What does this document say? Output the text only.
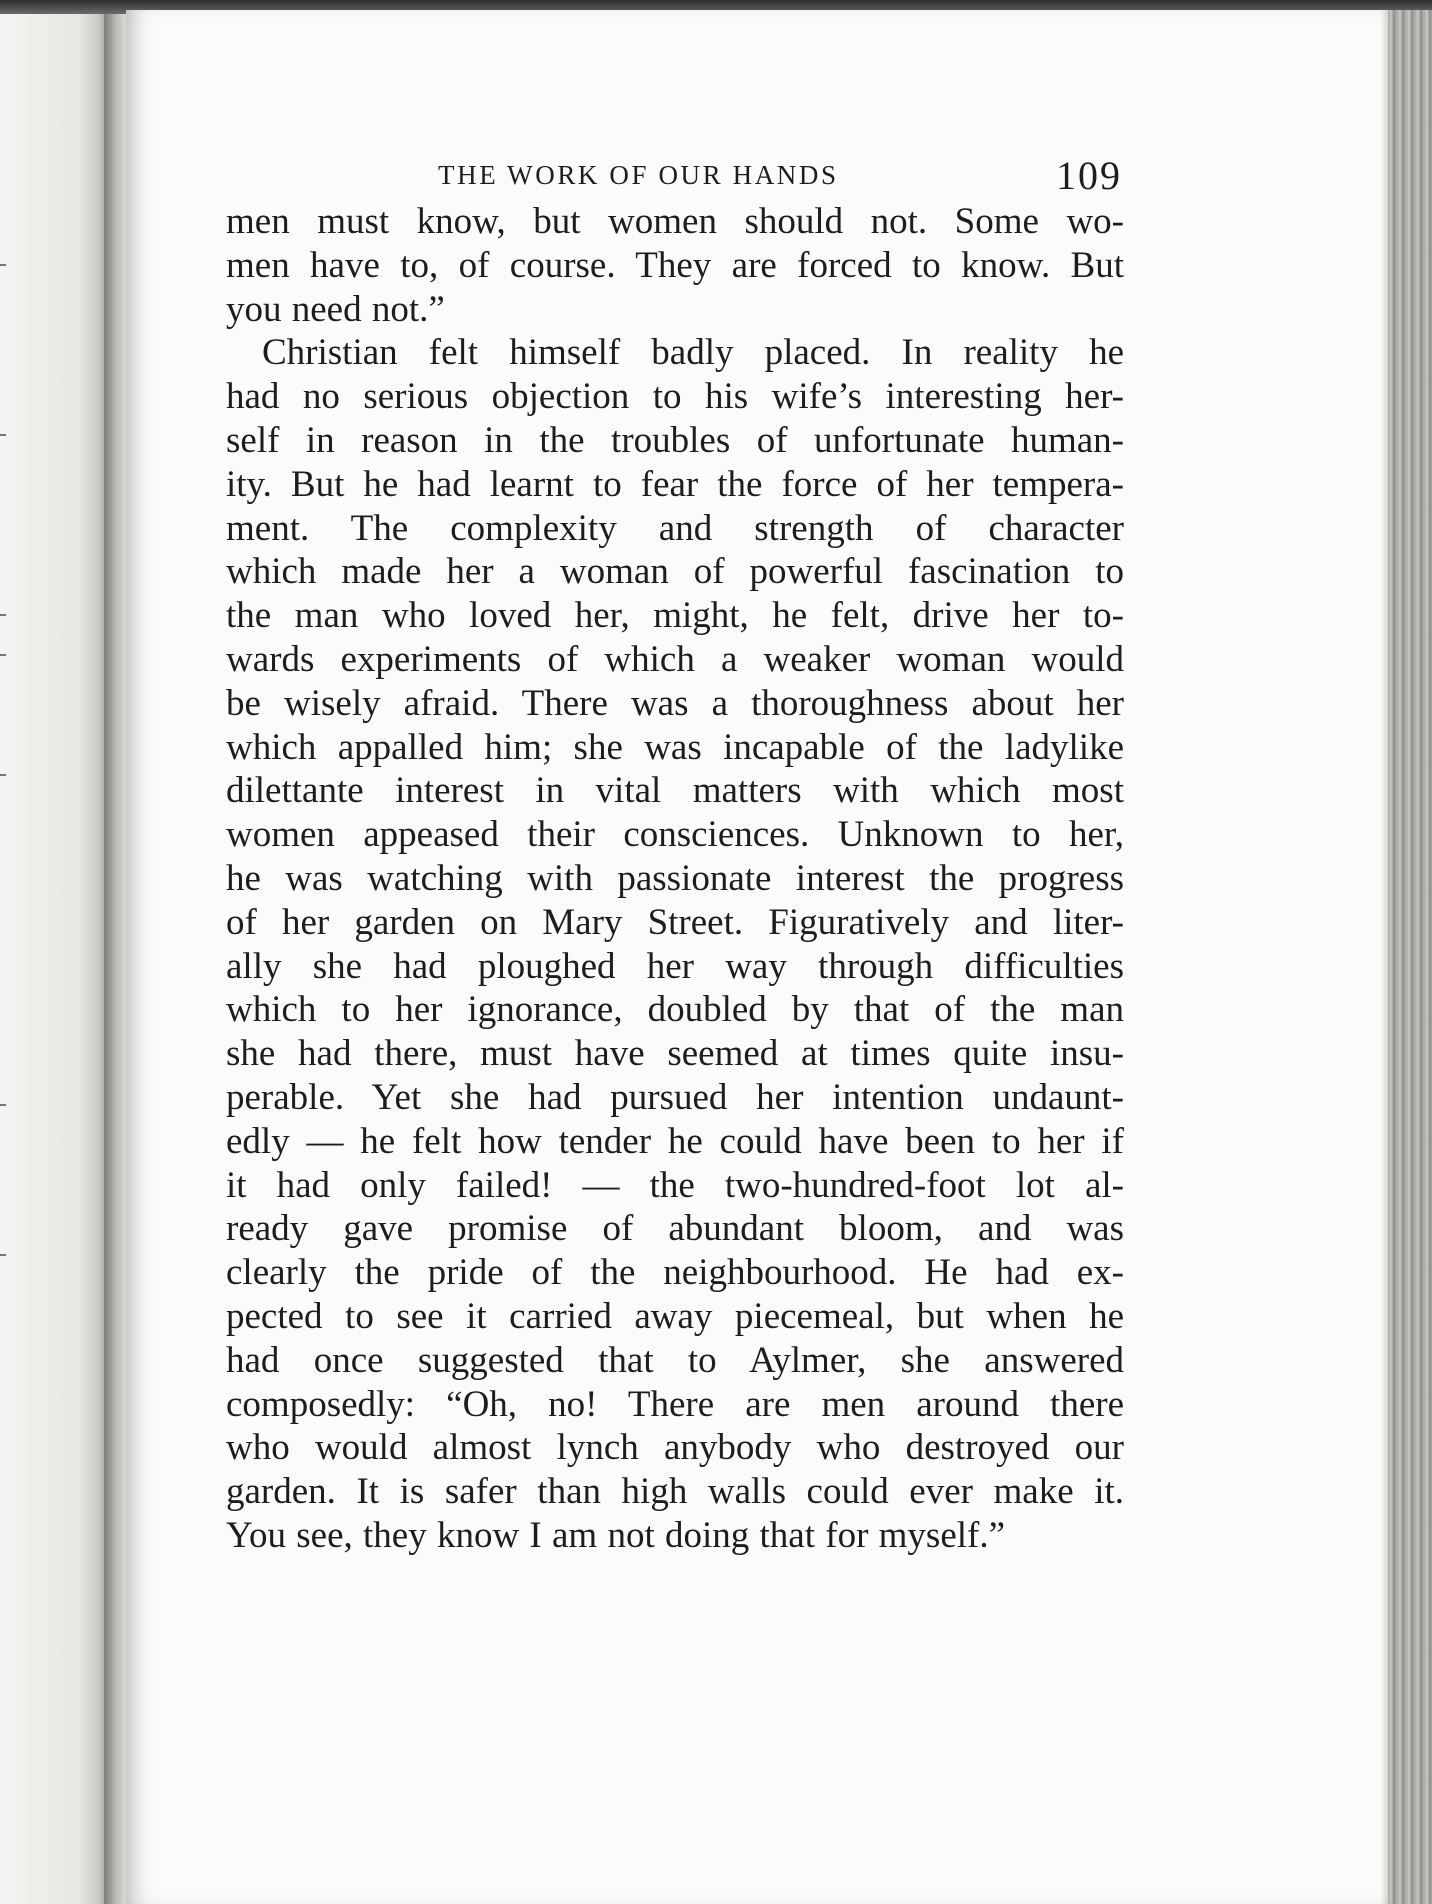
THE WORK OF OUR HANDS	109

men must know, but women should not. Some wo-
men have to, of course. They are forced to know. But
you need not.”

Christian felt himself badly placed. In reality he
had no serious objection to his wife’s interesting her-
self in reason in the troubles of unfortunate human-
ity. But he had learnt to fear the force of her tempera-
ment. The complexity and strength of character
which made her a woman of powerful fascination to
the man who loved her, might, he felt, drive her to-
wards experiments of which a weaker woman would
be wisely afraid. There was a thoroughness about her
which appalled him; she was incapable of the ladylike
dilettante interest in vital matters with which most
women appeased their consciences. Unknown to her,
he was watching with passionate interest the progress
of her garden on Mary Street. Figuratively and liter-
ally she had ploughed her way through difficulties
which to her ignorance, doubled by that of the man
she had there, must have seemed at times quite insu-
perable. Yet she had pursued her intention undaunt-
edly — he felt how tender he could have been to her if
it had only failed! — the two-hundred-foot lot al-
ready gave promise of abundant bloom, and was
clearly the pride of the neighbourhood. He had ex-
pected to see it carried away piecemeal, but when he
had once suggested that to Aylmer, she answered
composedly: “Oh, no! There are men around there
who would almost lynch anybody who destroyed our
garden. It is safer than high walls could ever make it.
You see, they know I am not doing that for myself.”
